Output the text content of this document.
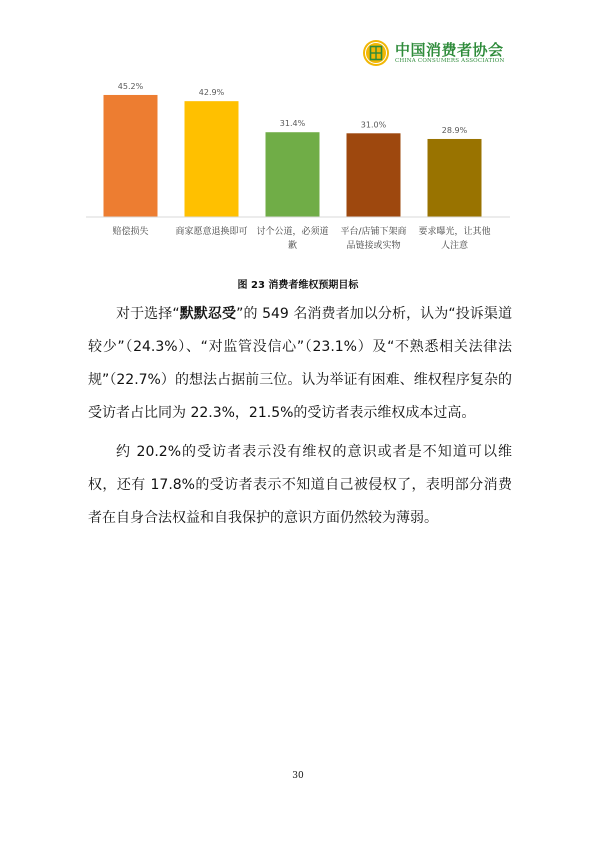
中国消费者协会
CHINA CONSUMERS ASSOCIATION
45.2%
赔偿损失
42.9%
商家愿意退换即可
31.4%
讨个公道，必须道
歉
31.0%
平台/店铺下架商
品链接或实物
28.9%
要求曝光，让其他
人注意
图 23 消费者维权预期目标

对于选择“默默忍受”的 549 名消费者加以分析，认为“投诉渠道较少”（24.3%）、“对监管没信心”（23.1%）及“不熟悉相关法律法规”（22.7%）的想法占据前三位。认为举证有困难、维权程序复杂的受访者占比同为 22.3%，21.5%的受访者表示维权成本过高。

约 20.2%的受访者表示没有维权的意识或者是不知道可以维权，还有 17.8%的受访者表示不知道自己被侵权了，表明部分消费者在自身合法权益和自我保护的意识方面仍然较为薄弱。

30
